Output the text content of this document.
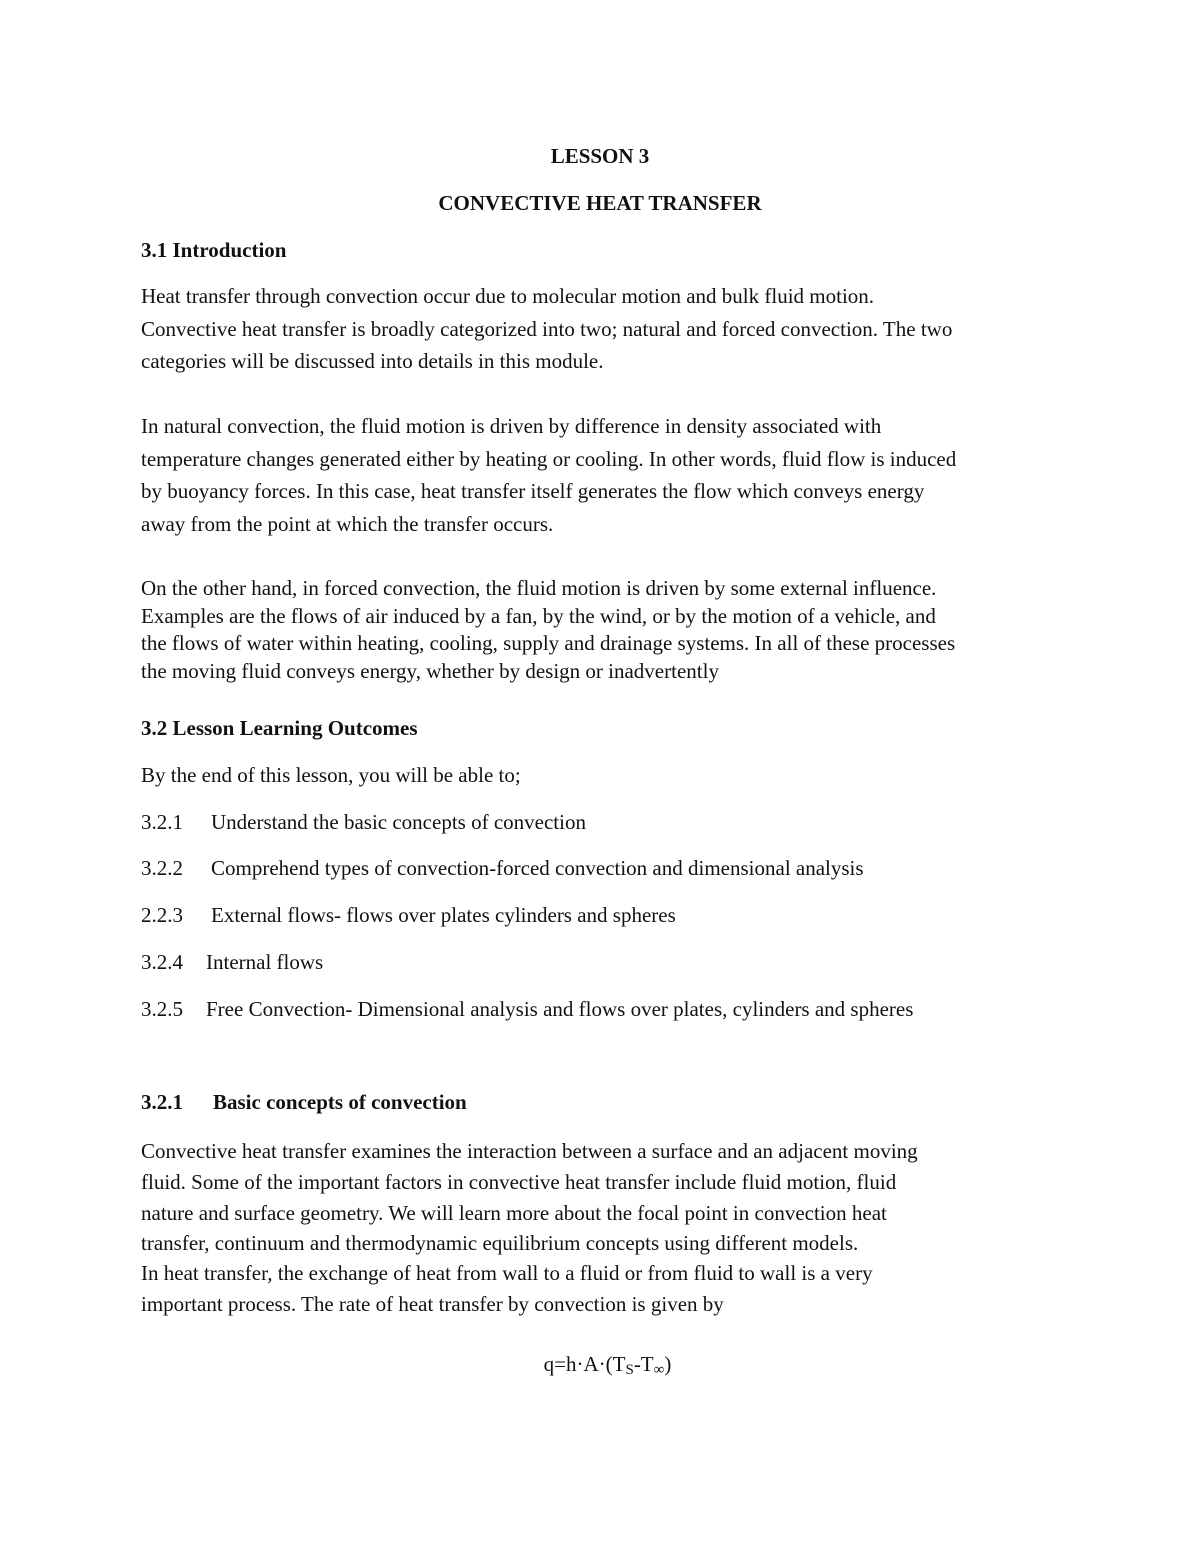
LESSON 3

CONVECTIVE HEAT TRANSFER

3.1 Introduction

Heat transfer through convection occur due to molecular motion and bulk fluid motion.
Convective heat transfer is broadly categorized into two; natural and forced convection. The two
categories will be discussed into details in this module.
In natural convection, the fluid motion is driven by difference in density associated with
temperature changes generated either by heating or cooling. In other words, fluid flow is induced
by buoyancy forces. In this case, heat transfer itself generates the flow which conveys energy
away from the point at which the transfer occurs.
On the other hand, in forced convection, the fluid motion is driven by some external influence.
Examples are the flows of air induced by a fan, by the wind, or by the motion of a vehicle, and
the flows of water within heating, cooling, supply and drainage systems. In all of these processes
the moving fluid conveys energy, whether by design or inadvertently

3.2 Lesson Learning Outcomes

By the end of this lesson, you will be able to;

3.2.1 Understand the basic concepts of convection

3.2.2 Comprehend types of convection-forced convection and dimensional analysis

2.2.3 External flows- flows over plates cylinders and spheres

3.2.4 Internal flows

3.2.5 Free Convection- Dimensional analysis and flows over plates, cylinders and spheres

3.2.1 Basic concepts of convection

Convective heat transfer examines the interaction between a surface and an adjacent moving
fluid. Some of the important factors in convective heat transfer include fluid motion, fluid
nature and surface geometry. We will learn more about the focal point in convection heat
transfer, continuum and thermodynamic equilibrium concepts using different models.
In heat transfer, the exchange of heat from wall to a fluid or from fluid to wall is a very
important process. The rate of heat transfer by convection is given by

$q=h\cdot A\cdot(T_S-T_\infty)$
